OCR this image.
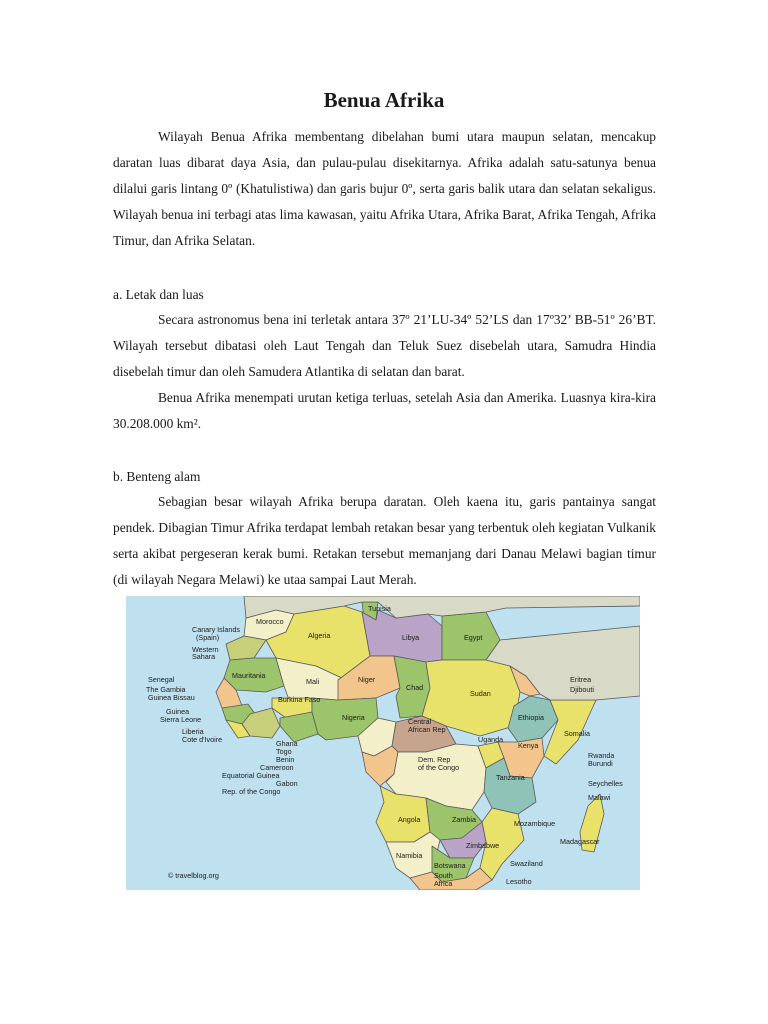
Benua Afrika

Wilayah Benua Afrika membentang dibelahan bumi utara maupun selatan, mencakup daratan luas dibarat daya Asia, dan pulau-pulau disekitarnya. Afrika adalah satu-satunya benua dilalui garis lintang 0º (Khatulistiwa) dan garis bujur 0º, serta garis balik utara dan selatan sekaligus. Wilayah benua ini terbagi atas lima kawasan, yaitu Afrika Utara, Afrika Barat, Afrika Tengah, Afrika Timur, dan Afrika Selatan.

a. Letak dan luas

Secara astronomus bena ini terletak antara 37º 21’LU-34º 52’LS dan 17º32’ BB-51º 26’BT. Wilayah tersebut dibatasi oleh Laut Tengah dan Teluk Suez disebelah utara, Samudra Hindia disebelah timur dan oleh Samudera Atlantika di selatan dan barat.

Benua Afrika menempati urutan ketiga terluas, setelah Asia dan Amerika. Luasnya kira-kira 30.208.000 km².

b. Benteng alam

Sebagian besar wilayah Afrika berupa daratan. Oleh kaena itu, garis pantainya sangat pendek. Dibagian Timur Afrika terdapat lembah retakan besar yang terbentuk oleh kegiatan Vulkanik serta akibat pergeseran kerak bumi. Retakan tersebut memanjang dari Danau Melawi bagian timur (di wilayah Negara Melawi) ke utaa sampai Laut Merah.

Tunisia
Morocco
Canary Islands
(Spain)
Western
Sahara
Algeria	Libya	Egypt
Mauritania
Mali	Niger
Chad
Sudan
Eritrea
Djibouti
Ethiopia
Somalia
Senegal
The Gambia
Guinea Bissau
Guinea
Sierra Leone
Liberia
Cote d'Ivoire
Burkina Faso
Nigeria	Central
African Rep
Uganda
Kenya
Ghana
Togo
Benin
Cameroon
Equatorial Guinea
Gabon
Rep. of the Congo
Dem. Rep
of the Congo
Rwanda
Burundi
Tanzania
Seychelles
Malawi
Angola	Zambia	Mozambique
Madagascar
Namibia
Zimbabwe
Botswana	Swaziland
South
Africa	Lesotho
© travelblog.org
